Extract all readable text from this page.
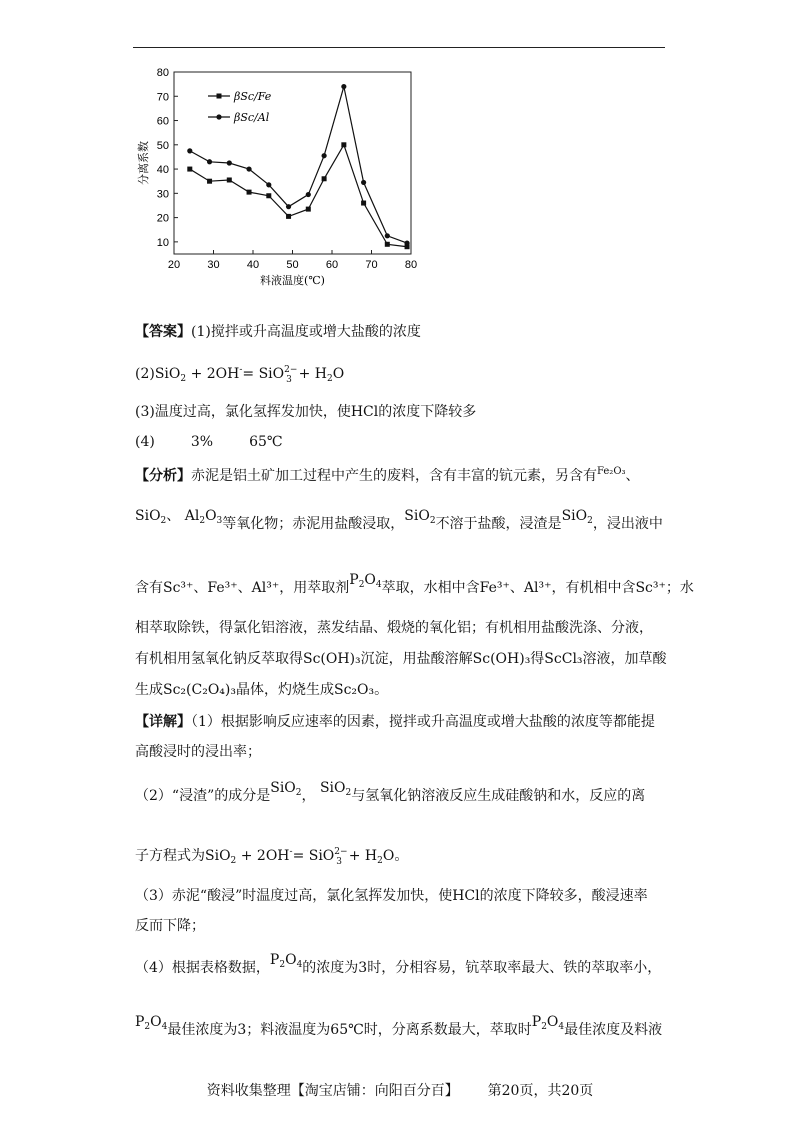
20 30 40 50 60 70 80
10
20
30
40
50
60
70
80
料液温度(℃)
分离系数
βSc/Fe
βSc/Al
【答案】(1)搅拌或升高温度或增大盐酸的浓度
(2)SiO$_2$ + 2OH-= SiO 2−
$3 + H_2O$
(3)温度过高，氯化氢挥发加快，使HCl的浓度下降较多
(4)	3%	65℃
【分析】赤泥是铝土矿加工过程中产生的废料，含有丰富的钪元素，另含有$^{Fe_2O_3}$、
SiO$_2$、 $Al_2O_3$等氧化物；赤泥用盐酸浸取，SiO$_2$不溶于盐酸，浸渣是SiO$_2$，浸出液中
含有Sc³⁺、Fe³⁺、Al³⁺，用萃取剂$P_2O_4$萃取，水相中含Fe³⁺、Al³⁺，有机相中含Sc³⁺；水
相萃取除铁，得氯化铝溶液，蒸发结晶、煅烧的氧化铝；有机相用盐酸洗涤、分液，
有机相用氢氧化钠反萃取得Sc(OH)₃沉淀，用盐酸溶解Sc(OH)₃得ScCl₃溶液，加草酸
生成Sc₂(C₂O₄)₃晶体，灼烧生成Sc₂O₃。
【详解】（1）根据影响反应速率的因素，搅拌或升高温度或增大盐酸的浓度等都能提
高酸浸时的浸出率；
（2）“浸渣”的成分是SiO$_2$， SiO$_2$与氢氧化钠溶液反应生成硅酸钠和水，反应的离
子方程式为SiO$_2$ + 2OH-= SiO 2−
$3 + H_2O$。
（3）赤泥“酸浸”时温度过高，氯化氢挥发加快，使HCl的浓度下降较多，酸浸速率
反而下降；
（4）根据表格数据，$P_2O_4$的浓度为3时，分相容易，钪萃取率最大、铁的萃取率小，
$P_2O_4$最佳浓度为3；料液温度为65℃时，分离系数最大，萃取时$P_2O_4$最佳浓度及料液
资料收集整理【淘宝店铺：向阳百分百】 第20页，共20页
